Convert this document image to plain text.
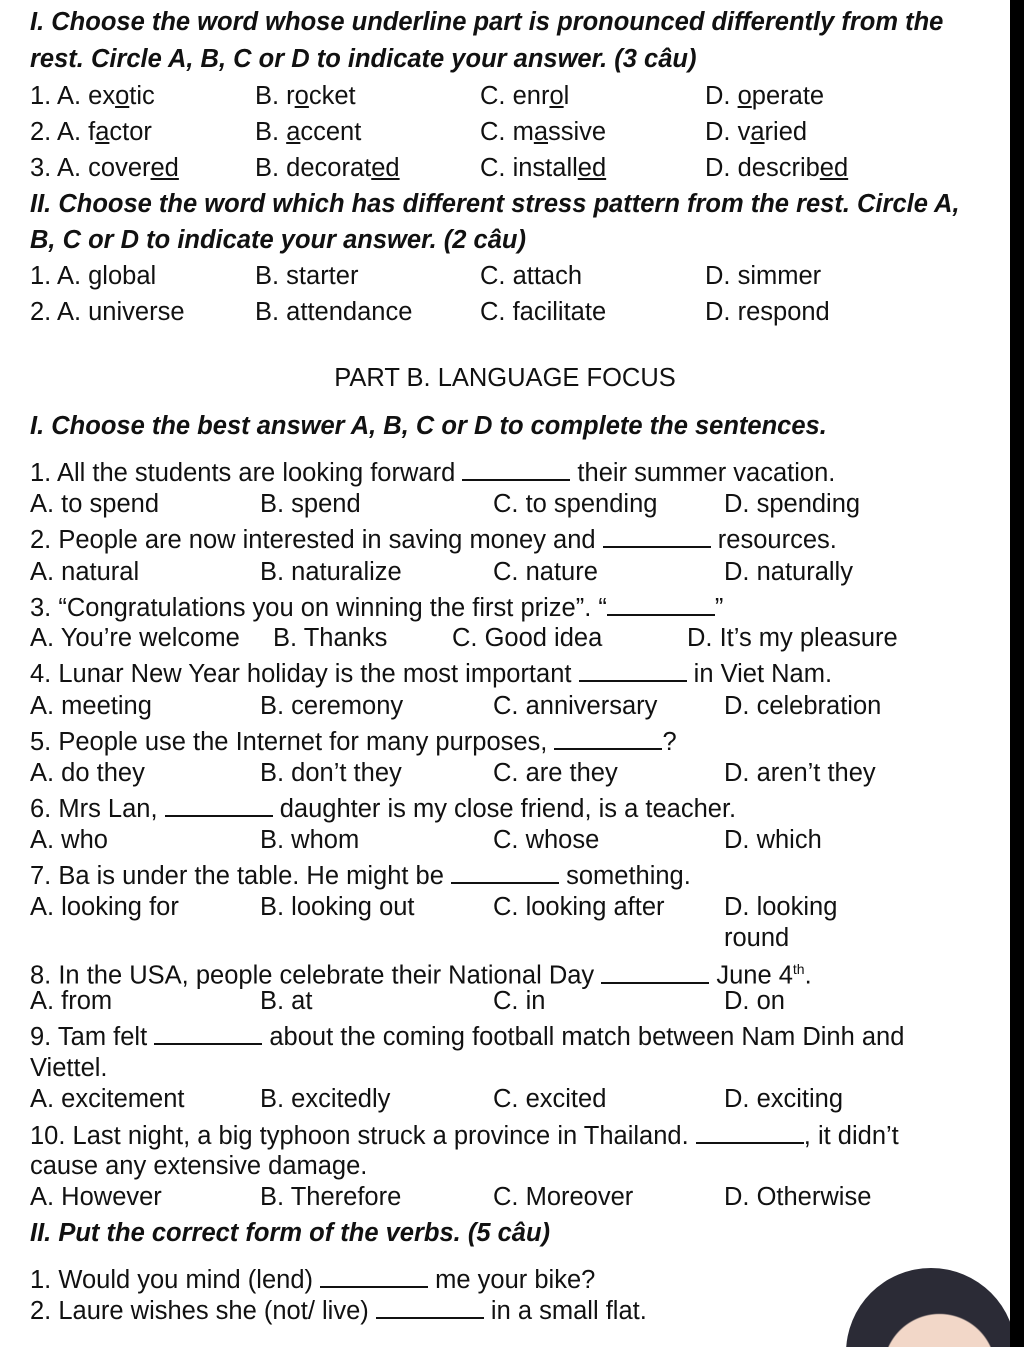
I. Choose the word whose underline part is pronounced differently from the
rest. Circle A, B, C or D to indicate your answer. (3 câu)
1. A. exotic	B. rocket	C. enrol	D. operate
2. A. factor	B. accent	C. massive	D. varied
3. A. covered	B. decorated	C. installed	D. described
II. Choose the word which has different stress pattern from the rest. Circle A,
B, C or D to indicate your answer. (2 câu)
1. A. global	B. starter	C. attach	D. simmer
2. A. universe	B. attendance	C. facilitate	D. respond
PART B. LANGUAGE FOCUS
I. Choose the best answer A, B, C or D to complete the sentences.
1. All the students are looking forward	their summer vacation.
A. to spend	B. spend	C. to spending	D. spending
2. People are now interested in saving money and	resources.
A. natural	B. naturalize	C. nature	D. naturally
3. “Congratulations you on winning the first prize”. “	”
A. You’re welcome B. Thanks	C. Good idea	D. It’s my pleasure
4. Lunar New Year holiday is the most important	in Viet Nam.
A. meeting	B. ceremony	C. anniversary	D. celebration
5. People use the Internet for many purposes,	?
A. do they	B. don’t they	C. are they	D. aren’t they
6. Mrs Lan,	daughter is my close friend, is a teacher.
A. who	B. whom	C. whose	D. which
7. Ba is under the table. He might be	something.
A. looking for	B. looking out	C. looking after D. looking
round
8. In the USA, people celebrate their National Day	June 4th.
A. from	B. at	C. in	D. on
9. Tam felt	about the coming football match between Nam Dinh and
Viettel.
A. excitement	B. excitedly	C. excited	D. exciting
10. Last night, a big typhoon struck a province in Thailand.	, it didn’t
cause any extensive damage.
A. However	B. Therefore	C. Moreover	D. Otherwise
II. Put the correct form of the verbs. (5 câu)
1. Would you mind (lend)	me your bike?
2. Laure wishes she (not/ live)	in a small flat.
